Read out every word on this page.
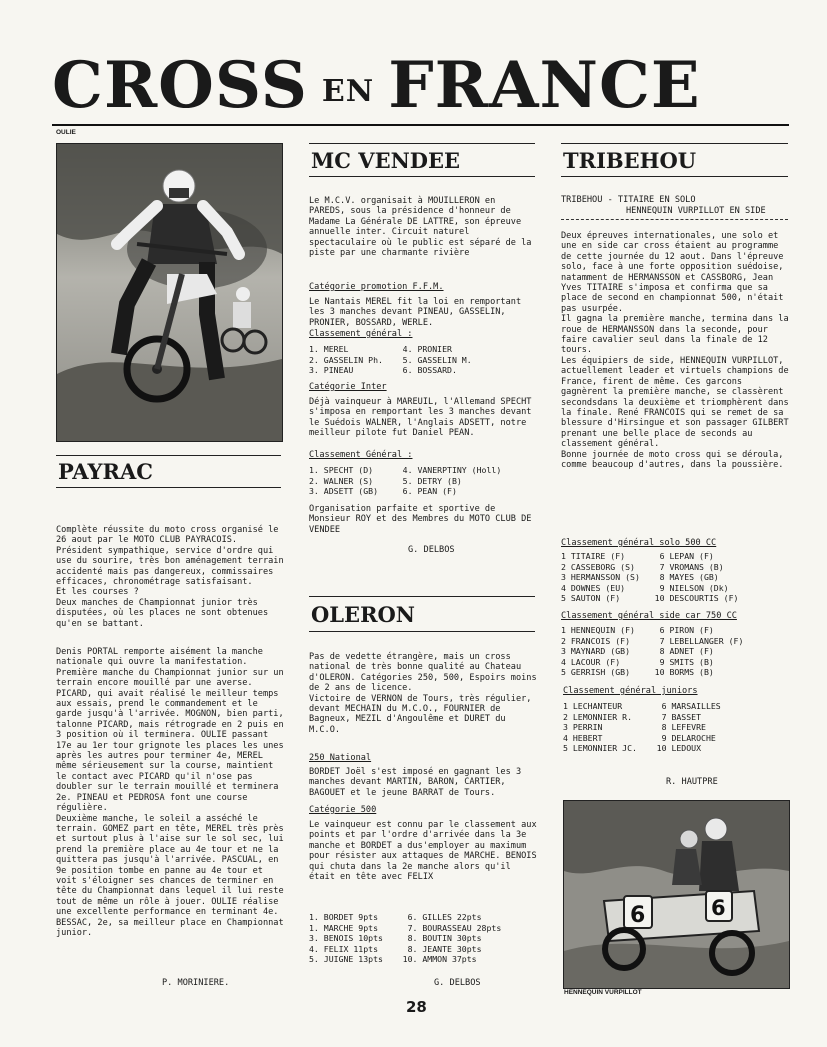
CROSS EN FRANCE
OULIE
PAYRAC
Complète réussite du moto cross organisé le 26 aout par le MOTO CLUB PAYRACOIS. Président sympathique, service d'ordre qui use du sourire, très bon aménagement terrain accidenté mais pas dangereux, commissaires efficaces, chronométrage satisfaisant.
Et les courses ?
Deux manches de Championnat junior très disputées, où les places ne sont obtenues qu'en se battant.
Denis PORTAL remporte aisément la manche nationale qui ouvre la manifestation. Première manche du Championnat junior sur un terrain encore mouillé par une averse. PICARD, qui avait réalisé le meilleur temps aux essais, prend le commandement et le garde jusqu'à l'arrivée. MOGNON, bien parti, talonne PICARD, mais rétrograde en 2 puis en 3 position où il terminera. OULIE passant 17e au 1er tour grignote les places les unes après les autres pour terminer 4e, MEREL même sérieusement sur la course, maintient le contact avec PICARD qu'il n'ose pas doubler sur le terrain mouillé et terminera 2e. PINEAU et PEDROSA font une course régulière.
Deuxième manche, le soleil a asséché le terrain. GOMEZ part en tête, MEREL très près et surtout plus à l'aise sur le sol sec, lui prend la première place au 4e tour et ne la quittera pas jusqu'à l'arrivée. PASCUAL, en 9e position tombe en panne au 4e tour et voit s'éloigner ses chances de terminer en tête du Championnat dans lequel il lui reste tout de même un rôle à jouer. OULIE réalise une excellente performance en terminant 4e. BESSAC, 2e, sa meilleur place en Championnat junior.
P. MORINIERE.
MC VENDEE
Le M.C.V. organisait à MOUILLERON en PAREDS, sous la présidence d'honneur de Madame La Générale DE LATTRE, son épreuve annuelle inter. Circuit naturel spectaculaire où le public est séparé de la piste par une charmante rivière
Catégorie promotion F.F.M.
Le Nantais MEREL fit la loi en remportant les 3 manches devant PINEAU, GASSELIN, PRONIER, BOSSARD, WERLE.
Classement général :
1. MEREL           4. PRONIER
2. GASSELIN Ph.    5. GASSELIN M.
3. PINEAU          6. BOSSARD.
Catégorie Inter
Déjà vainqueur à MAREUIL, l'Allemand SPECHT s'imposa en remportant les 3 manches devant le Suédois WALNER, l'Anglais ADSETT, notre meilleur pilote fut Daniel PEAN.
Classement Général :
1. SPECHT (D)      4. VANERPTINY (Holl)
2. WALNER (S)      5. DETRY (B)
3. ADSETT (GB)     6. PEAN (F)
Organisation parfaite et sportive de Monsieur ROY et des Membres du MOTO CLUB DE VENDEE
G. DELBOS
OLERON
Pas de vedette étrangère, mais un cross national de très bonne qualité au Chateau d'OLERON. Catégories 250, 500, Espoirs moins de 2 ans de licence.
Victoire de VERNON de Tours, très régulier, devant MECHAIN du M.C.O., FOURNIER de Bagneux, MEZIL d'Angoulême et DURET du M.C.O.
250 National
BORDET Joël s'est imposé en gagnant les 3 manches devant MARTIN, BARON, CARTIER, BAGOUET et le jeune BARRAT de Tours.
Catégorie 500
Le vainqueur est connu par le classement aux points et par l'ordre d'arrivée dans la 3e manche et BORDET a dus'employer au maximum pour résister aux attaques de MARCHE. BENOIS qui chuta dans la 2e manche alors qu'il était en tête avec FELIX
1. BORDET 9pts      6. GILLES 22pts
1. MARCHE 9pts      7. BOURASSEAU 28pts
3. BENOIS 10pts     8. BOUTIN 30pts
4. FELIX 11pts      8. JEANTE 30pts
5. JUIGNE 13pts    10. AMMON 37pts
G. DELBOS
TRIBEHOU
TRIBEHOU - TITAIRE EN SOLO
HENNEQUIN VURPILLOT EN SIDE
Deux épreuves internationales, une solo et une en side car cross étaient au programme de cette journée du 12 aout. Dans l'épreuve solo, face à une forte opposition suédoise, natamment de HERMANSSON et CASSBORG, Jean Yves TITAIRE s'imposa et confirma que sa place de second en championnat 500, n'était pas usurpée.
Il gagna la première manche, termina dans la roue de HERMANSSON dans la seconde, pour faire cavalier seul dans la finale de 12 tours.
Les équipiers de side, HENNEQUIN VURPILLOT, actuellement leader et virtuels champions de France, firent de même. Ces garcons gagnèrent la première manche, se classèrent secondsdans la deuxième et triomphèrent dans la finale. René FRANCOIS qui se remet de sa blessure d'Hirsingue et son passager GILBERT prenant une belle place de seconds au classement général.
Bonne journée de moto cross qui se déroula, comme beaucoup d'autres, dans la poussière.
Classement général solo 500 CC
1 TITAIRE (F)       6 LEPAN (F)
2 CASSEBORG (S)     7 VROMANS (B)
3 HERMANSSON (S)    8 MAYES (GB)
4 DOWNES (EU)       9 NIELSON (Dk)
5 SAUTON (F)       10 DESCOURTIS (F)
Classement général side car 750 CC
1 HENNEQUIN (F)     6 PIRON (F)
2 FRANCOIS (F)      7 LEBELLANGER (F)
3 MAYNARD (GB)      8 ADNET (F)
4 LACOUR (F)        9 SMITS (B)
5 GERRISH (GB)     10 BORMS (B)
Classement général juniors
1 LECHANTEUR        6 MARSAILLES
2 LEMONNIER R.      7 BASSET
3 PERRIN            8 LEFEVRE
4 HEBERT            9 DELAROCHE
5 LEMONNIER JC.    10 LEDOUX
R. HAUTPRE
6	6
HENNEQUIN VURPILLOT
28
